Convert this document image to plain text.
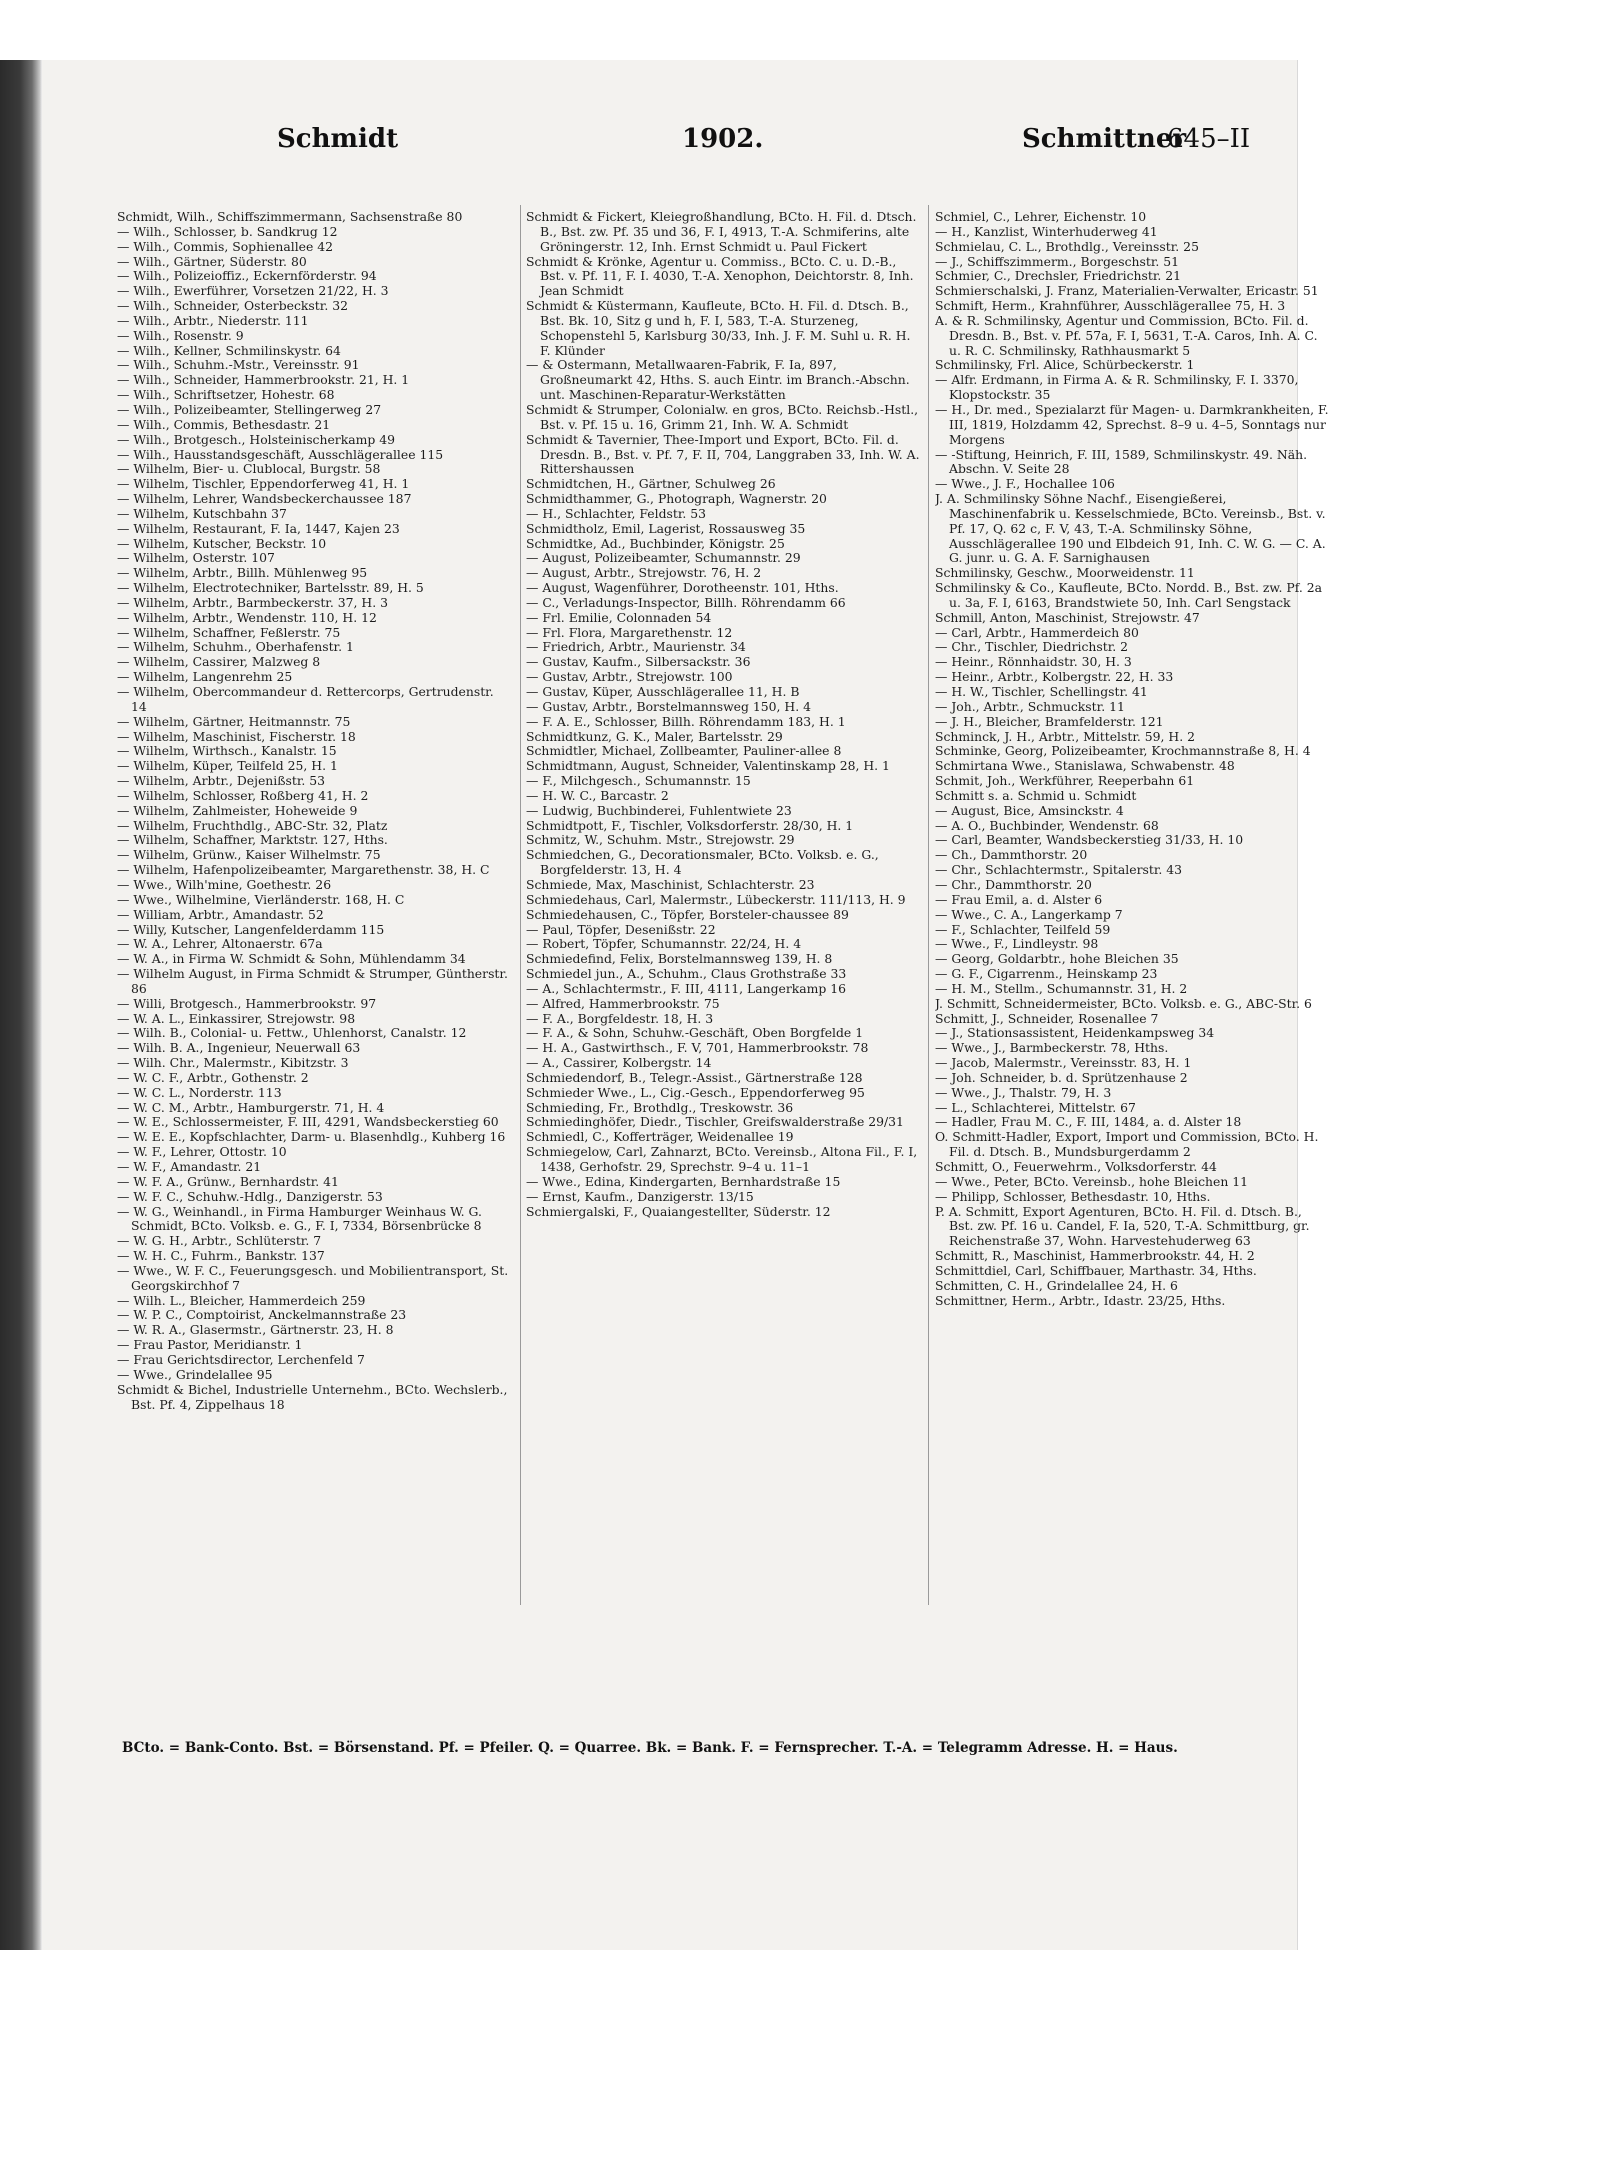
Schmidt	1902.	Schmittner
645–II

Schmidt, Wilh., Schiffszimmermann, Sachsenstraße 80

— Wilh., Schlosser, b. Sandkrug 12

— Wilh., Commis, Sophienallee 42

— Wilh., Gärtner, Süderstr. 80

— Wilh., Polizeioffiz., Eckernförderstr. 94

— Wilh., Ewerführer, Vorsetzen 21/22, H. 3

— Wilh., Schneider, Osterbeckstr. 32

— Wilh., Arbtr., Niederstr. 111

— Wilh., Rosenstr. 9

— Wilh., Kellner, Schmilinskystr. 64

— Wilh., Schuhm.-Mstr., Vereinsstr. 91

— Wilh., Schneider, Hammerbrookstr. 21, H. 1

— Wilh., Schriftsetzer, Hohestr. 68

— Wilh., Polizeibeamter, Stellingerweg 27

— Wilh., Commis, Bethesdastr. 21

— Wilh., Brotgesch., Holsteinischerkamp 49

— Wilh., Hausstandsgeschäft, Ausschlägerallee 115

— Wilhelm, Bier- u. Clublocal, Burgstr. 58

— Wilhelm, Tischler, Eppendorferweg 41, H. 1

— Wilhelm, Lehrer, Wandsbeckerchaussee 187

— Wilhelm, Kutschbahn 37

— Wilhelm, Restaurant, F. Ia, 1447, Kajen 23

— Wilhelm, Kutscher, Beckstr. 10

— Wilhelm, Osterstr. 107

— Wilhelm, Arbtr., Billh. Mühlenweg 95

— Wilhelm, Electrotechniker, Bartelsstr. 89, H. 5

— Wilhelm, Arbtr., Barmbeckerstr. 37, H. 3

— Wilhelm, Arbtr., Wendenstr. 110, H. 12

— Wilhelm, Schaffner, Feßlerstr. 75

— Wilhelm, Schuhm., Oberhafenstr. 1

— Wilhelm, Cassirer, Malzweg 8

— Wilhelm, Langenrehm 25

— Wilhelm, Obercommandeur d. Rettercorps, Gertrudenstr. 14

— Wilhelm, Gärtner, Heitmannstr. 75

— Wilhelm, Maschinist, Fischerstr. 18

— Wilhelm, Wirthsch., Kanalstr. 15

— Wilhelm, Küper, Teilfeld 25, H. 1

— Wilhelm, Arbtr., Dejenißstr. 53

— Wilhelm, Schlosser, Roßberg 41, H. 2

— Wilhelm, Zahlmeister, Hoheweide 9

— Wilhelm, Fruchthdlg., ABC-Str. 32, Platz

— Wilhelm, Schaffner, Marktstr. 127, Hths.

— Wilhelm, Grünw., Kaiser Wilhelmstr. 75

— Wilhelm, Hafenpolizeibeamter, Margarethenstr. 38, H. C

— Wwe., Wilh'mine, Goethestr. 26

— Wwe., Wilhelmine, Vierländerstr. 168, H. C

— William, Arbtr., Amandastr. 52

— Willy, Kutscher, Langenfelderdamm 115

— W. A., Lehrer, Altonaerstr. 67a

— W. A., in Firma W. Schmidt & Sohn, Mühlendamm 34

— Wilhelm August, in Firma Schmidt & Strumper, Güntherstr. 86

— Willi, Brotgesch., Hammerbrookstr. 97

— W. A. L., Einkassirer, Strejowstr. 98

— Wilh. B., Colonial- u. Fettw., Uhlenhorst, Canalstr. 12

— Wilh. B. A., Ingenieur, Neuerwall 63

— Wilh. Chr., Malermstr., Kibitzstr. 3

— W. C. F., Arbtr., Gothenstr. 2

— W. C. L., Norderstr. 113

— W. C. M., Arbtr., Hamburgerstr. 71, H. 4

— W. E., Schlossermeister, F. III, 4291, Wandsbeckerstieg 60

— W. E. E., Kopfschlachter, Darm- u. Blasenhdlg., Kuhberg 16

— W. F., Lehrer, Ottostr. 10

— W. F., Amandastr. 21

— W. F. A., Grünw., Bernhardstr. 41

— W. F. C., Schuhw.-Hdlg., Danzigerstr. 53

— W. G., Weinhandl., in Firma Hamburger Weinhaus W. G. Schmidt, BCto. Volksb. e. G., F. I, 7334, Börsenbrücke 8

— W. G. H., Arbtr., Schlüterstr. 7

— W. H. C., Fuhrm., Bankstr. 137

— Wwe., W. F. C., Feuerungsgesch. und Mobilientransport, St. Georgskirchhof 7

— Wilh. L., Bleicher, Hammerdeich 259

— W. P. C., Comptoirist, Anckelmannstraße 23

— W. R. A., Glasermstr., Gärtnerstr. 23, H. 8

— Frau Pastor, Meridianstr. 1

— Frau Gerichtsdirector, Lerchenfeld 7

— Wwe., Grindelallee 95

Schmidt & Bichel, Industrielle Unternehm., BCto. Wechslerb., Bst. Pf. 4, Zippelhaus 18

Schmidt & Fickert, Kleiegroßhandlung, BCto. H. Fil. d. Dtsch. B., Bst. zw. Pf. 35 und 36, F. I, 4913, T.-A. Schmiferins, alte Gröningerstr. 12, Inh. Ernst Schmidt u. Paul Fickert

Schmidt & Krönke, Agentur u. Commiss., BCto. C. u. D.-B., Bst. v. Pf. 11, F. I. 4030, T.-A. Xenophon, Deichtorstr. 8, Inh. Jean Schmidt

Schmidt & Küstermann, Kaufleute, BCto. H. Fil. d. Dtsch. B., Bst. Bk. 10, Sitz g und h, F. I, 583, T.-A. Sturzeneg, Schopenstehl 5, Karlsburg 30/33, Inh. J. F. M. Suhl u. R. H. F. Klünder

— & Ostermann, Metallwaaren-Fabrik, F. Ia, 897, Großneumarkt 42, Hths. S. auch Eintr. im Branch.-Abschn. unt. Maschinen-Reparatur-Werkstätten

Schmidt & Strumper, Colonialw. en gros, BCto. Reichsb.-Hstl., Bst. v. Pf. 15 u. 16, Grimm 21, Inh. W. A. Schmidt

Schmidt & Tavernier, Thee-Import und Export, BCto. Fil. d. Dresdn. B., Bst. v. Pf. 7, F. II, 704, Langgraben 33, Inh. W. A. Rittershaussen

Schmidtchen, H., Gärtner, Schulweg 26

Schmidthammer, G., Photograph, Wagnerstr. 20

— H., Schlachter, Feldstr. 53

Schmidtholz, Emil, Lagerist, Rossausweg 35

Schmidtke, Ad., Buchbinder, Königstr. 25

— August, Polizeibeamter, Schumannstr. 29

— August, Arbtr., Strejowstr. 76, H. 2

— August, Wagenführer, Dorotheenstr. 101, Hths.

— C., Verladungs-Inspector, Billh. Röhrendamm 66

— Frl. Emilie, Colonnaden 54

— Frl. Flora, Margarethenstr. 12

— Friedrich, Arbtr., Maurienstr. 34

— Gustav, Kaufm., Silbersackstr. 36

— Gustav, Arbtr., Strejowstr. 100

— Gustav, Küper, Ausschlägerallee 11, H. B

— Gustav, Arbtr., Borstelmannsweg 150, H. 4

— F. A. E., Schlosser, Billh. Röhrendamm 183, H. 1

Schmidtkunz, G. K., Maler, Bartelsstr. 29

Schmidtler, Michael, Zollbeamter, Pauliner-allee 8

Schmidtmann, August, Schneider, Valentinskamp 28, H. 1

— F., Milchgesch., Schumannstr. 15

— H. W. C., Barcastr. 2

— Ludwig, Buchbinderei, Fuhlentwiete 23

Schmidtpott, F., Tischler, Volksdorferstr. 28/30, H. 1

Schmitz, W., Schuhm. Mstr., Strejowstr. 29

Schmiedchen, G., Decorationsmaler, BCto. Volksb. e. G., Borgfelderstr. 13, H. 4

Schmiede, Max, Maschinist, Schlachterstr. 23

Schmiedehaus, Carl, Malermstr., Lübeckerstr. 111/113, H. 9

Schmiedehausen, C., Töpfer, Borsteler-chaussee 89

— Paul, Töpfer, Desenißstr. 22

— Robert, Töpfer, Schumannstr. 22/24, H. 4

Schmiedefind, Felix, Borstelmannsweg 139, H. 8

Schmiedel jun., A., Schuhm., Claus Grothstraße 33

— A., Schlachtermstr., F. III, 4111, Langerkamp 16

— Alfred, Hammerbrookstr. 75

— F. A., Borgfeldestr. 18, H. 3

— F. A., & Sohn, Schuhw.-Geschäft, Oben Borgfelde 1

— H. A., Gastwirthsch., F. V, 701, Hammerbrookstr. 78

— A., Cassirer, Kolbergstr. 14

Schmiedendorf, B., Telegr.-Assist., Gärtnerstraße 128

Schmieder Wwe., L., Cig.-Gesch., Eppendorferweg 95

Schmieding, Fr., Brothdlg., Treskowstr. 36

Schmiedinghöfer, Diedr., Tischler, Greifswalderstraße 29/31

Schmiedl, C., Kofferträger, Weidenallee 19

Schmiegelow, Carl, Zahnarzt, BCto. Vereinsb., Altona Fil., F. I, 1438, Gerhofstr. 29, Sprechstr. 9–4 u. 11–1

— Wwe., Edina, Kindergarten, Bernhardstraße 15

— Ernst, Kaufm., Danzigerstr. 13/15

Schmiergalski, F., Quaiangestellter, Süderstr. 12

Schmiel, C., Lehrer, Eichenstr. 10

— H., Kanzlist, Winterhuderweg 41

Schmielau, C. L., Brothdlg., Vereinsstr. 25

— J., Schiffszimmerm., Borgeschstr. 51

Schmier, C., Drechsler, Friedrichstr. 21

Schmierschalski, J. Franz, Materialien-Verwalter, Ericastr. 51

Schmift, Herm., Krahnführer, Ausschlägerallee 75, H. 3

A. & R. Schmilinsky, Agentur und Commission, BCto. Fil. d. Dresdn. B., Bst. v. Pf. 57a, F. I, 5631, T.-A. Caros, Inh. A. C. u. R. C. Schmilinsky, Rathhausmarkt 5

Schmilinsky, Frl. Alice, Schürbeckerstr. 1

— Alfr. Erdmann, in Firma A. & R. Schmilinsky, F. I. 3370, Klopstockstr. 35

— H., Dr. med., Spezialarzt für Magen- u. Darmkrankheiten, F. III, 1819, Holzdamm 42, Sprechst. 8–9 u. 4–5, Sonntags nur Morgens

— -Stiftung, Heinrich, F. III, 1589, Schmilinskystr. 49. Näh. Abschn. V. Seite 28

— Wwe., J. F., Hochallee 106

J. A. Schmilinsky Söhne Nachf., Eisengießerei, Maschinenfabrik u. Kesselschmiede, BCto. Vereinsb., Bst. v. Pf. 17, Q. 62 c, F. V, 43, T.-A. Schmilinsky Söhne, Ausschlägerallee 190 und Elbdeich 91, Inh. C. W. G. — C. A. G. junr. u. G. A. F. Sarnighausen

Schmilinsky, Geschw., Moorweidenstr. 11

Schmilinsky & Co., Kaufleute, BCto. Nordd. B., Bst. zw. Pf. 2a u. 3a, F. I, 6163, Brandstwiete 50, Inh. Carl Sengstack

Schmill, Anton, Maschinist, Strejowstr. 47

— Carl, Arbtr., Hammerdeich 80

— Chr., Tischler, Diedrichstr. 2

— Heinr., Rönnhaidstr. 30, H. 3

— Heinr., Arbtr., Kolbergstr. 22, H. 33

— H. W., Tischler, Schellingstr. 41

— Joh., Arbtr., Schmuckstr. 11

— J. H., Bleicher, Bramfelderstr. 121

Schminck, J. H., Arbtr., Mittelstr. 59, H. 2

Schminke, Georg, Polizeibeamter, Krochmannstraße 8, H. 4

Schmirtana Wwe., Stanislawa, Schwabenstr. 48

Schmit, Joh., Werkführer, Reeperbahn 61

Schmitt s. a. Schmid u. Schmidt

— August, Bice, Amsinckstr. 4

— A. O., Buchbinder, Wendenstr. 68

— Carl, Beamter, Wandsbeckerstieg 31/33, H. 10

— Ch., Dammthorstr. 20

— Chr., Schlachtermstr., Spitalerstr. 43

— Chr., Dammthorstr. 20

— Frau Emil, a. d. Alster 6

— Wwe., C. A., Langerkamp 7

— F., Schlachter, Teilfeld 59

— Wwe., F., Lindleystr. 98

— Georg, Goldarbtr., hohe Bleichen 35

— G. F., Cigarrenm., Heinskamp 23

— H. M., Stellm., Schumannstr. 31, H. 2

J. Schmitt, Schneidermeister, BCto. Volksb. e. G., ABC-Str. 6

Schmitt, J., Schneider, Rosenallee 7

— J., Stationsassistent, Heidenkampsweg 34

— Wwe., J., Barmbeckerstr. 78, Hths.

— Jacob, Malermstr., Vereinsstr. 83, H. 1

— Joh. Schneider, b. d. Sprützenhause 2

— Wwe., J., Thalstr. 79, H. 3

— L., Schlachterei, Mittelstr. 67

— Hadler, Frau M. C., F. III, 1484, a. d. Alster 18

O. Schmitt-Hadler, Export, Import und Commission, BCto. H. Fil. d. Dtsch. B., Mundsburgerdamm 2

Schmitt, O., Feuerwehrm., Volksdorferstr. 44

— Wwe., Peter, BCto. Vereinsb., hohe Bleichen 11

— Philipp, Schlosser, Bethesdastr. 10, Hths.

P. A. Schmitt, Export Agenturen, BCto. H. Fil. d. Dtsch. B., Bst. zw. Pf. 16 u. Candel, F. Ia, 520, T.-A. Schmittburg, gr. Reichenstraße 37, Wohn. Harvestehuderweg 63

Schmitt, R., Maschinist, Hammerbrookstr. 44, H. 2

Schmittdiel, Carl, Schiffbauer, Marthastr. 34, Hths.

Schmitten, C. H., Grindelallee 24, H. 6

Schmittner, Herm., Arbtr., Idastr. 23/25, Hths.

BCto. = Bank-Conto. Bst. = Börsenstand. Pf. = Pfeiler. Q. = Quarree. Bk. = Bank. F. = Fernsprecher. T.-A. = Telegramm Adresse. H. = Haus.
